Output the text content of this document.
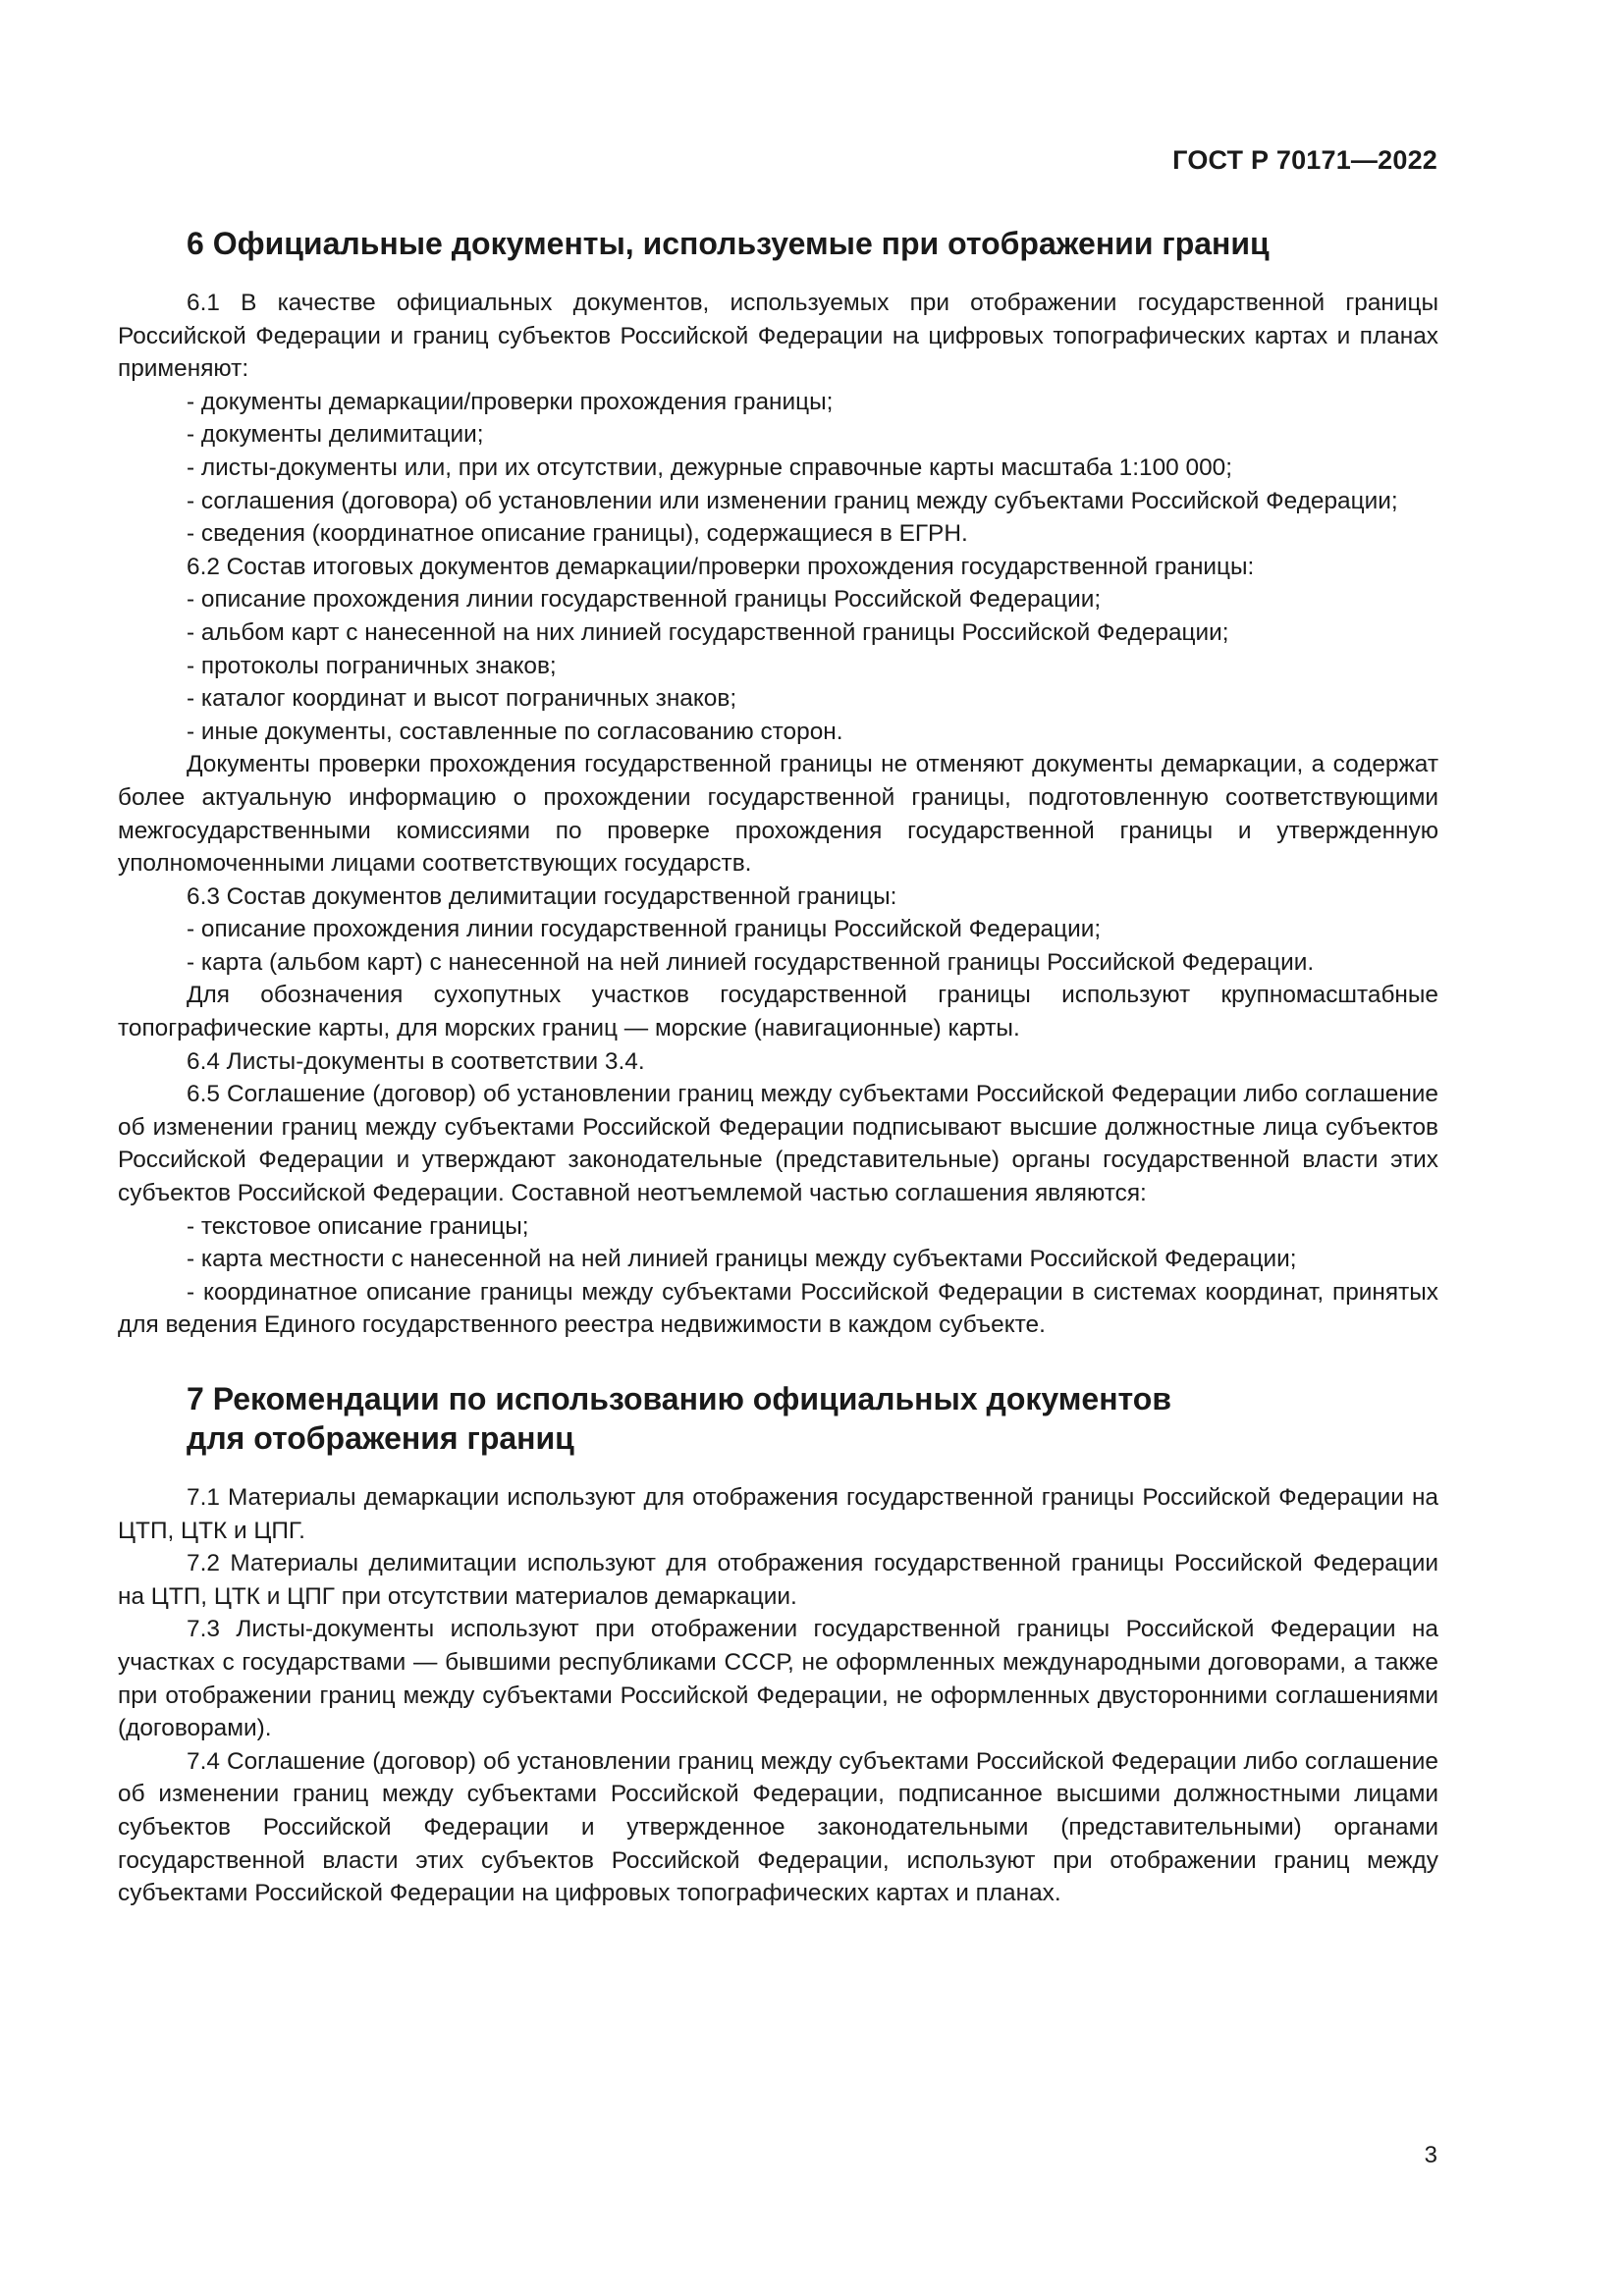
ГОСТ Р 70171—2022
6 Официальные документы, используемые при отображении границ

6.1 В качестве официальных документов, используемых при отображении государственной границы Российской Федерации и границ субъектов Российской Федерации на цифровых топографических картах и планах применяют:

- документы демаркации/проверки прохождения границы;

- документы делимитации;

- листы-документы или, при их отсутствии, дежурные справочные карты масштаба 1:100 000;

- соглашения (договора) об установлении или изменении границ между субъектами Российской Федерации;

- сведения (координатное описание границы), содержащиеся в ЕГРН.

6.2 Состав итоговых документов демаркации/проверки прохождения государственной границы:

- описание прохождения линии государственной границы Российской Федерации;

- альбом карт с нанесенной на них линией государственной границы Российской Федерации;

- протоколы пограничных знаков;

- каталог координат и высот пограничных знаков;

- иные документы, составленные по согласованию сторон.

Документы проверки прохождения государственной границы не отменяют документы демаркации, а содержат более актуальную информацию о прохождении государственной границы, подготовленную соответствующими межгосударственными комиссиями по проверке прохождения государственной границы и утвержденную уполномоченными лицами соответствующих государств.

6.3 Состав документов делимитации государственной границы:

- описание прохождения линии государственной границы Российской Федерации;

- карта (альбом карт) с нанесенной на ней линией государственной границы Российской Федерации.

Для обозначения сухопутных участков государственной границы используют крупномасштабные топографические карты, для морских границ — морские (навигационные) карты.

6.4 Листы-документы в соответствии 3.4.

6.5 Соглашение (договор) об установлении границ между субъектами Российской Федерации либо соглашение об изменении границ между субъектами Российской Федерации подписывают высшие должностные лица субъектов Российской Федерации и утверждают законодательные (представительные) органы государственной власти этих субъектов Российской Федерации. Составной неотъемлемой частью соглашения являются:

- текстовое описание границы;

- карта местности с нанесенной на ней линией границы между субъектами Российской Федерации;

- координатное описание границы между субъектами Российской Федерации в системах координат, принятых для ведения Единого государственного реестра недвижимости в каждом субъекте.

7 Рекомендации по использованию официальных документов
для отображения границ

7.1 Материалы демаркации используют для отображения государственной границы Российской Федерации на ЦТП, ЦТК и ЦПГ.

7.2 Материалы делимитации используют для отображения государственной границы Российской Федерации на ЦТП, ЦТК и ЦПГ при отсутствии материалов демаркации.

7.3 Листы-документы используют при отображении государственной границы Российской Федерации на участках с государствами — бывшими республиками СССР, не оформленных международными договорами, а также при отображении границ между субъектами Российской Федерации, не оформленных двусторонними соглашениями (договорами).

7.4 Соглашение (договор) об установлении границ между субъектами Российской Федерации либо соглашение об изменении границ между субъектами Российской Федерации, подписанное высшими должностными лицами субъектов Российской Федерации и утвержденное законодательными (представительными) органами государственной власти этих субъектов Российской Федерации, используют при отображении границ между субъектами Российской Федерации на цифровых топографических картах и планах.

3
